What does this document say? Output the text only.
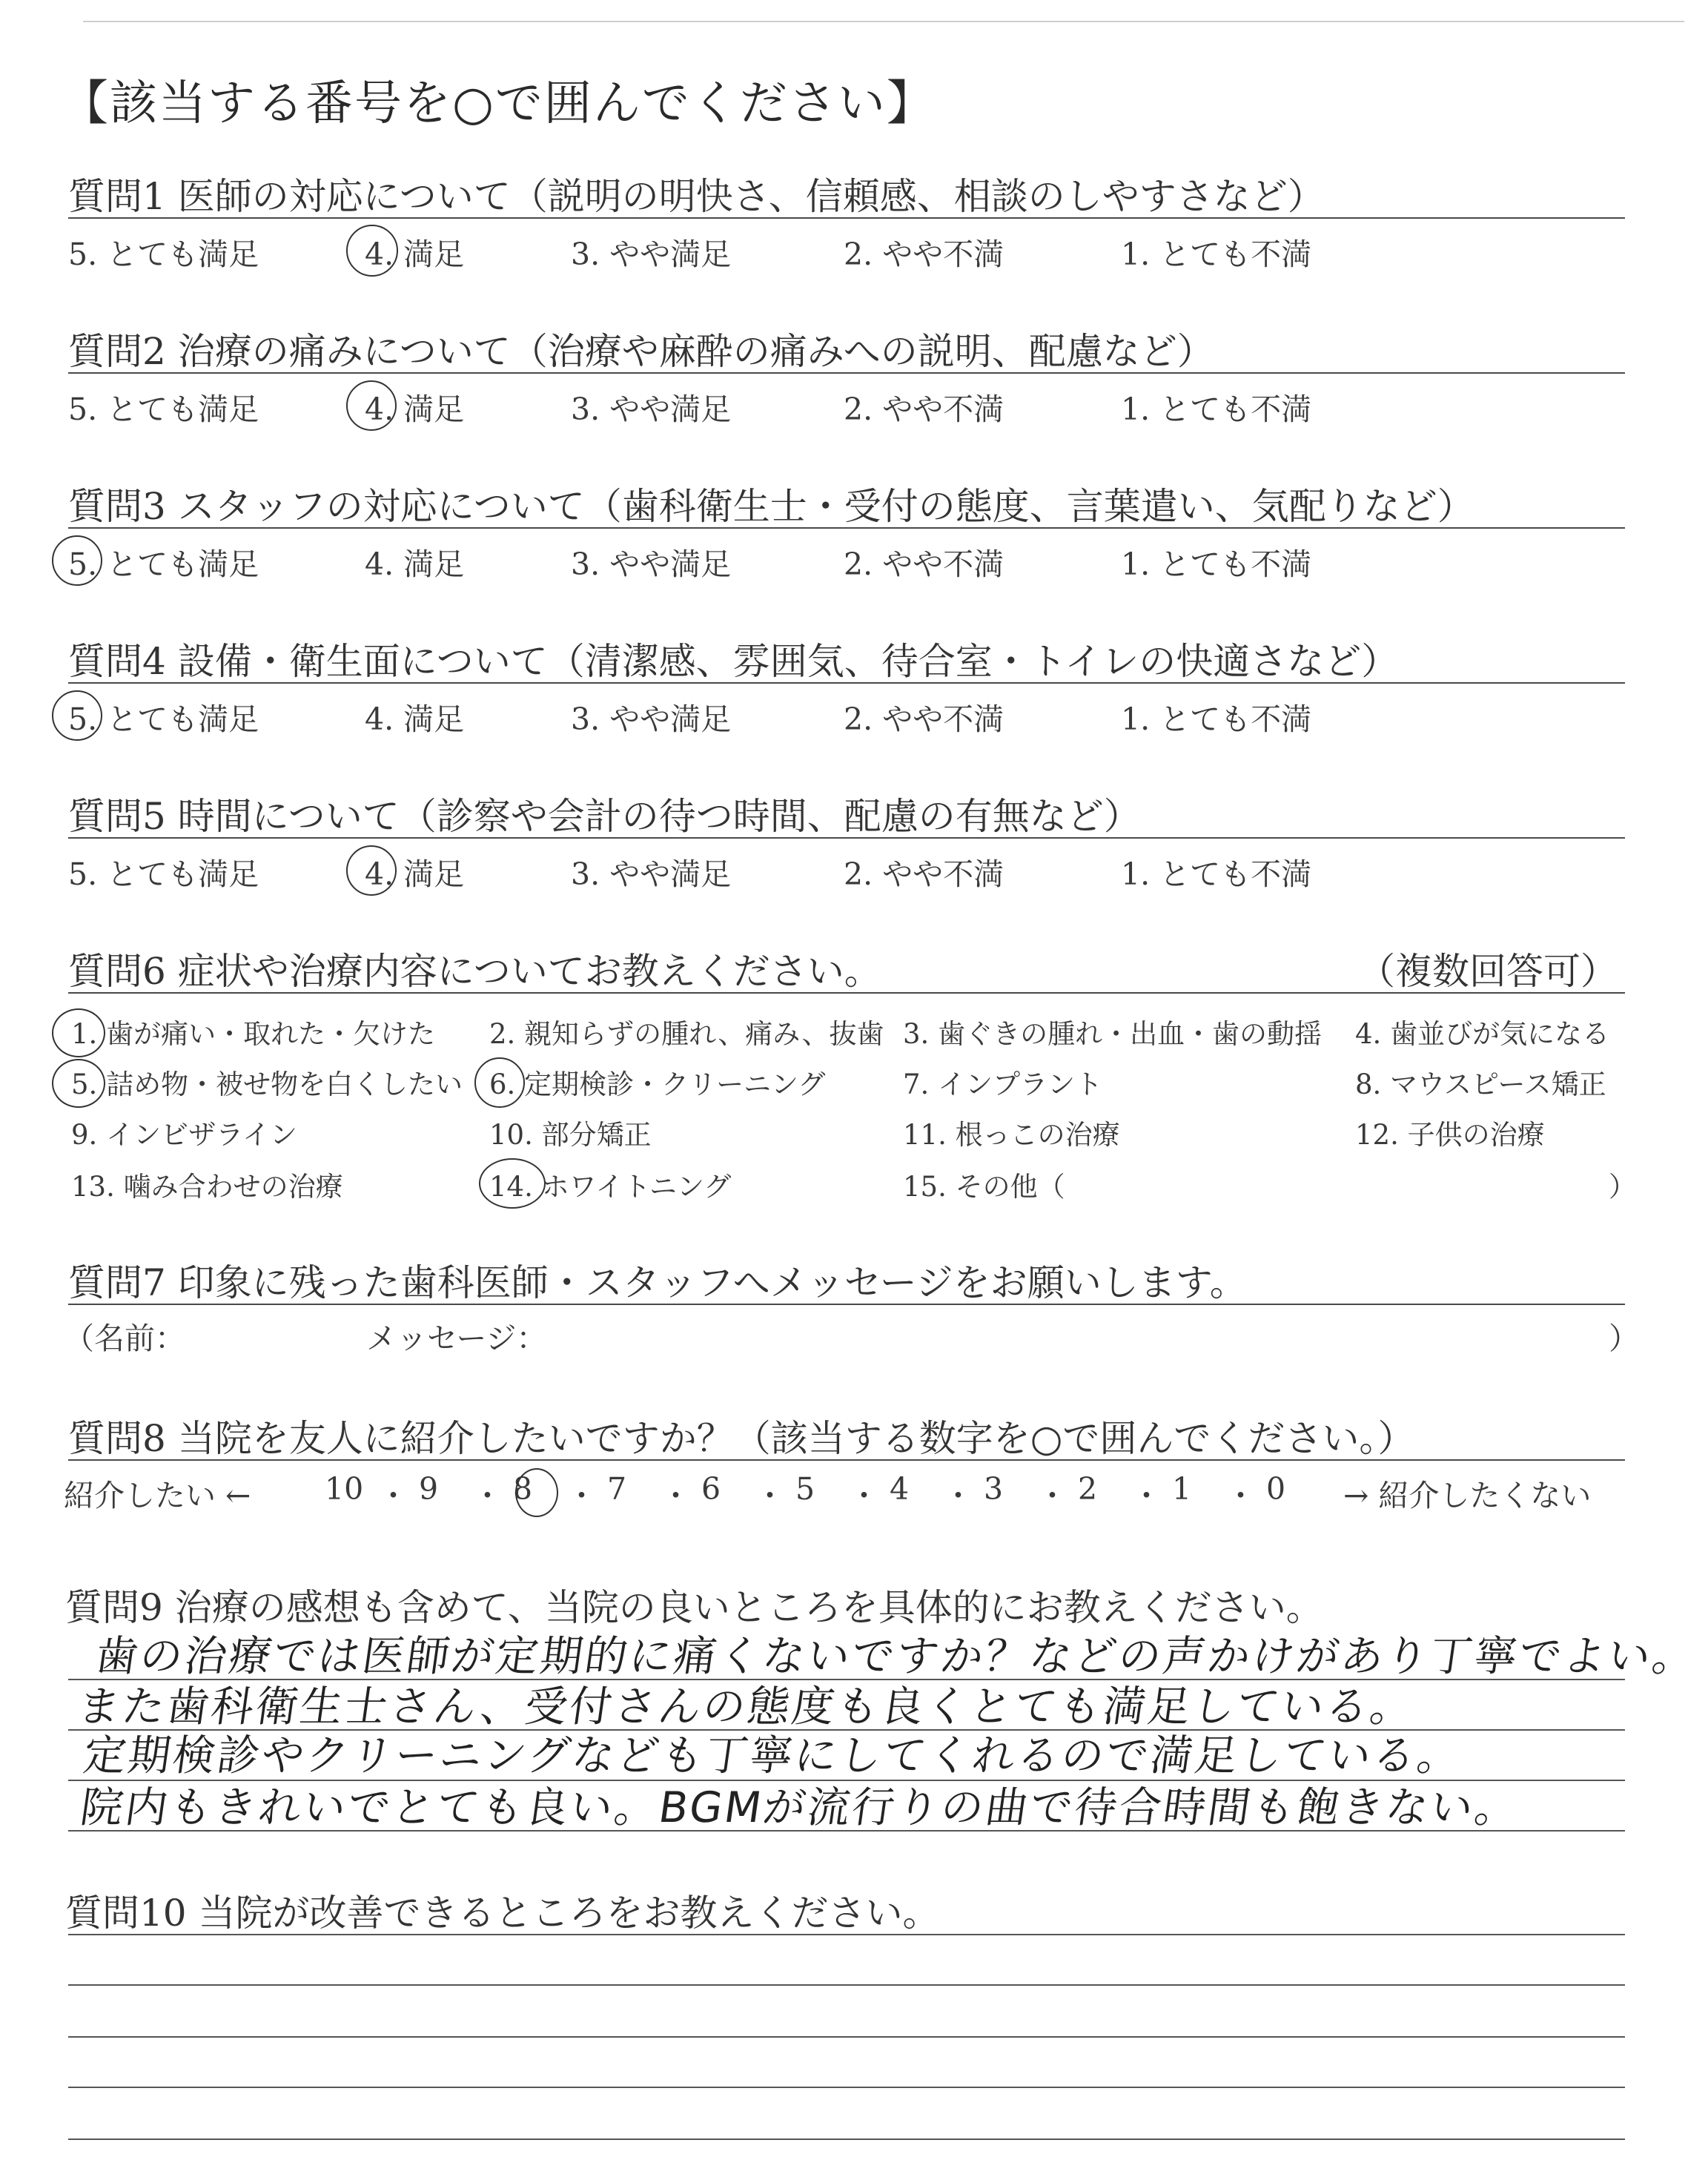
【該当する番号を○で囲んでください】
質問1 医師の対応について（説明の明快さ、信頼感、相談のしやすさなど）
5. とても満足	4. 満足	3. やや満足	2. やや不満	1. とても不満
質問2 治療の痛みについて（治療や麻酔の痛みへの説明、配慮など）
5. とても満足	4. 満足	3. やや満足	2. やや不満	1. とても不満
質問3 スタッフの対応について（歯科衛生士・受付の態度、言葉遣い、気配りなど）
5. とても満足	4. 満足	3. やや満足	2. やや不満	1. とても不満
質問4 設備・衛生面について（清潔感、雰囲気、待合室・トイレの快適さなど）
5. とても満足	4. 満足	3. やや満足	2. やや不満	1. とても不満
質問5 時間について（診察や会計の待つ時間、配慮の有無など）
5. とても満足	4. 満足	3. やや満足	2. やや不満	1. とても不満
質問6 症状や治療内容についてお教えください。	（複数回答可）
1. 歯が痛い・取れた・欠けた 2. 親知らずの腫れ、痛み、抜歯 3. 歯ぐきの腫れ・出血・歯の動揺 4. 歯並びが気になる
5. 詰め物・被せ物を白くしたい 6. 定期検診・クリーニング	7. インプラント	8. マウスピース矯正
9. インビザライン	10. 部分矯正	11. 根っこの治療	12. 子供の治療
13. 噛み合わせの治療	14. ホワイトニング	15. その他（	）
質問7 印象に残った歯科医師・スタッフへメッセージをお願いします。
（名前：	メッセージ：	）
質問8 当院を友人に紹介したいですか？（該当する数字を○で囲んでください。）
紹介したい ←	→ 紹介したくない
10 ・ 9 ・ 8 ・ 7 ・ 6 ・ 5 ・ 4 ・ 3 ・ 2 ・ 1 ・ 0
質問9 治療の感想も含めて、当院の良いところを具体的にお教えください。
歯の治療では医師が定期的に痛くないですか？などの声かけがあり丁寧でよい。
また歯科衛生士さん、受付さんの態度も良くとても満足している。
定期検診やクリーニングなども丁寧にしてくれるので満足している。
院内もきれいでとても良い。BGMが流行りの曲で待合時間も飽きない。
質問10 当院が改善できるところをお教えください。
